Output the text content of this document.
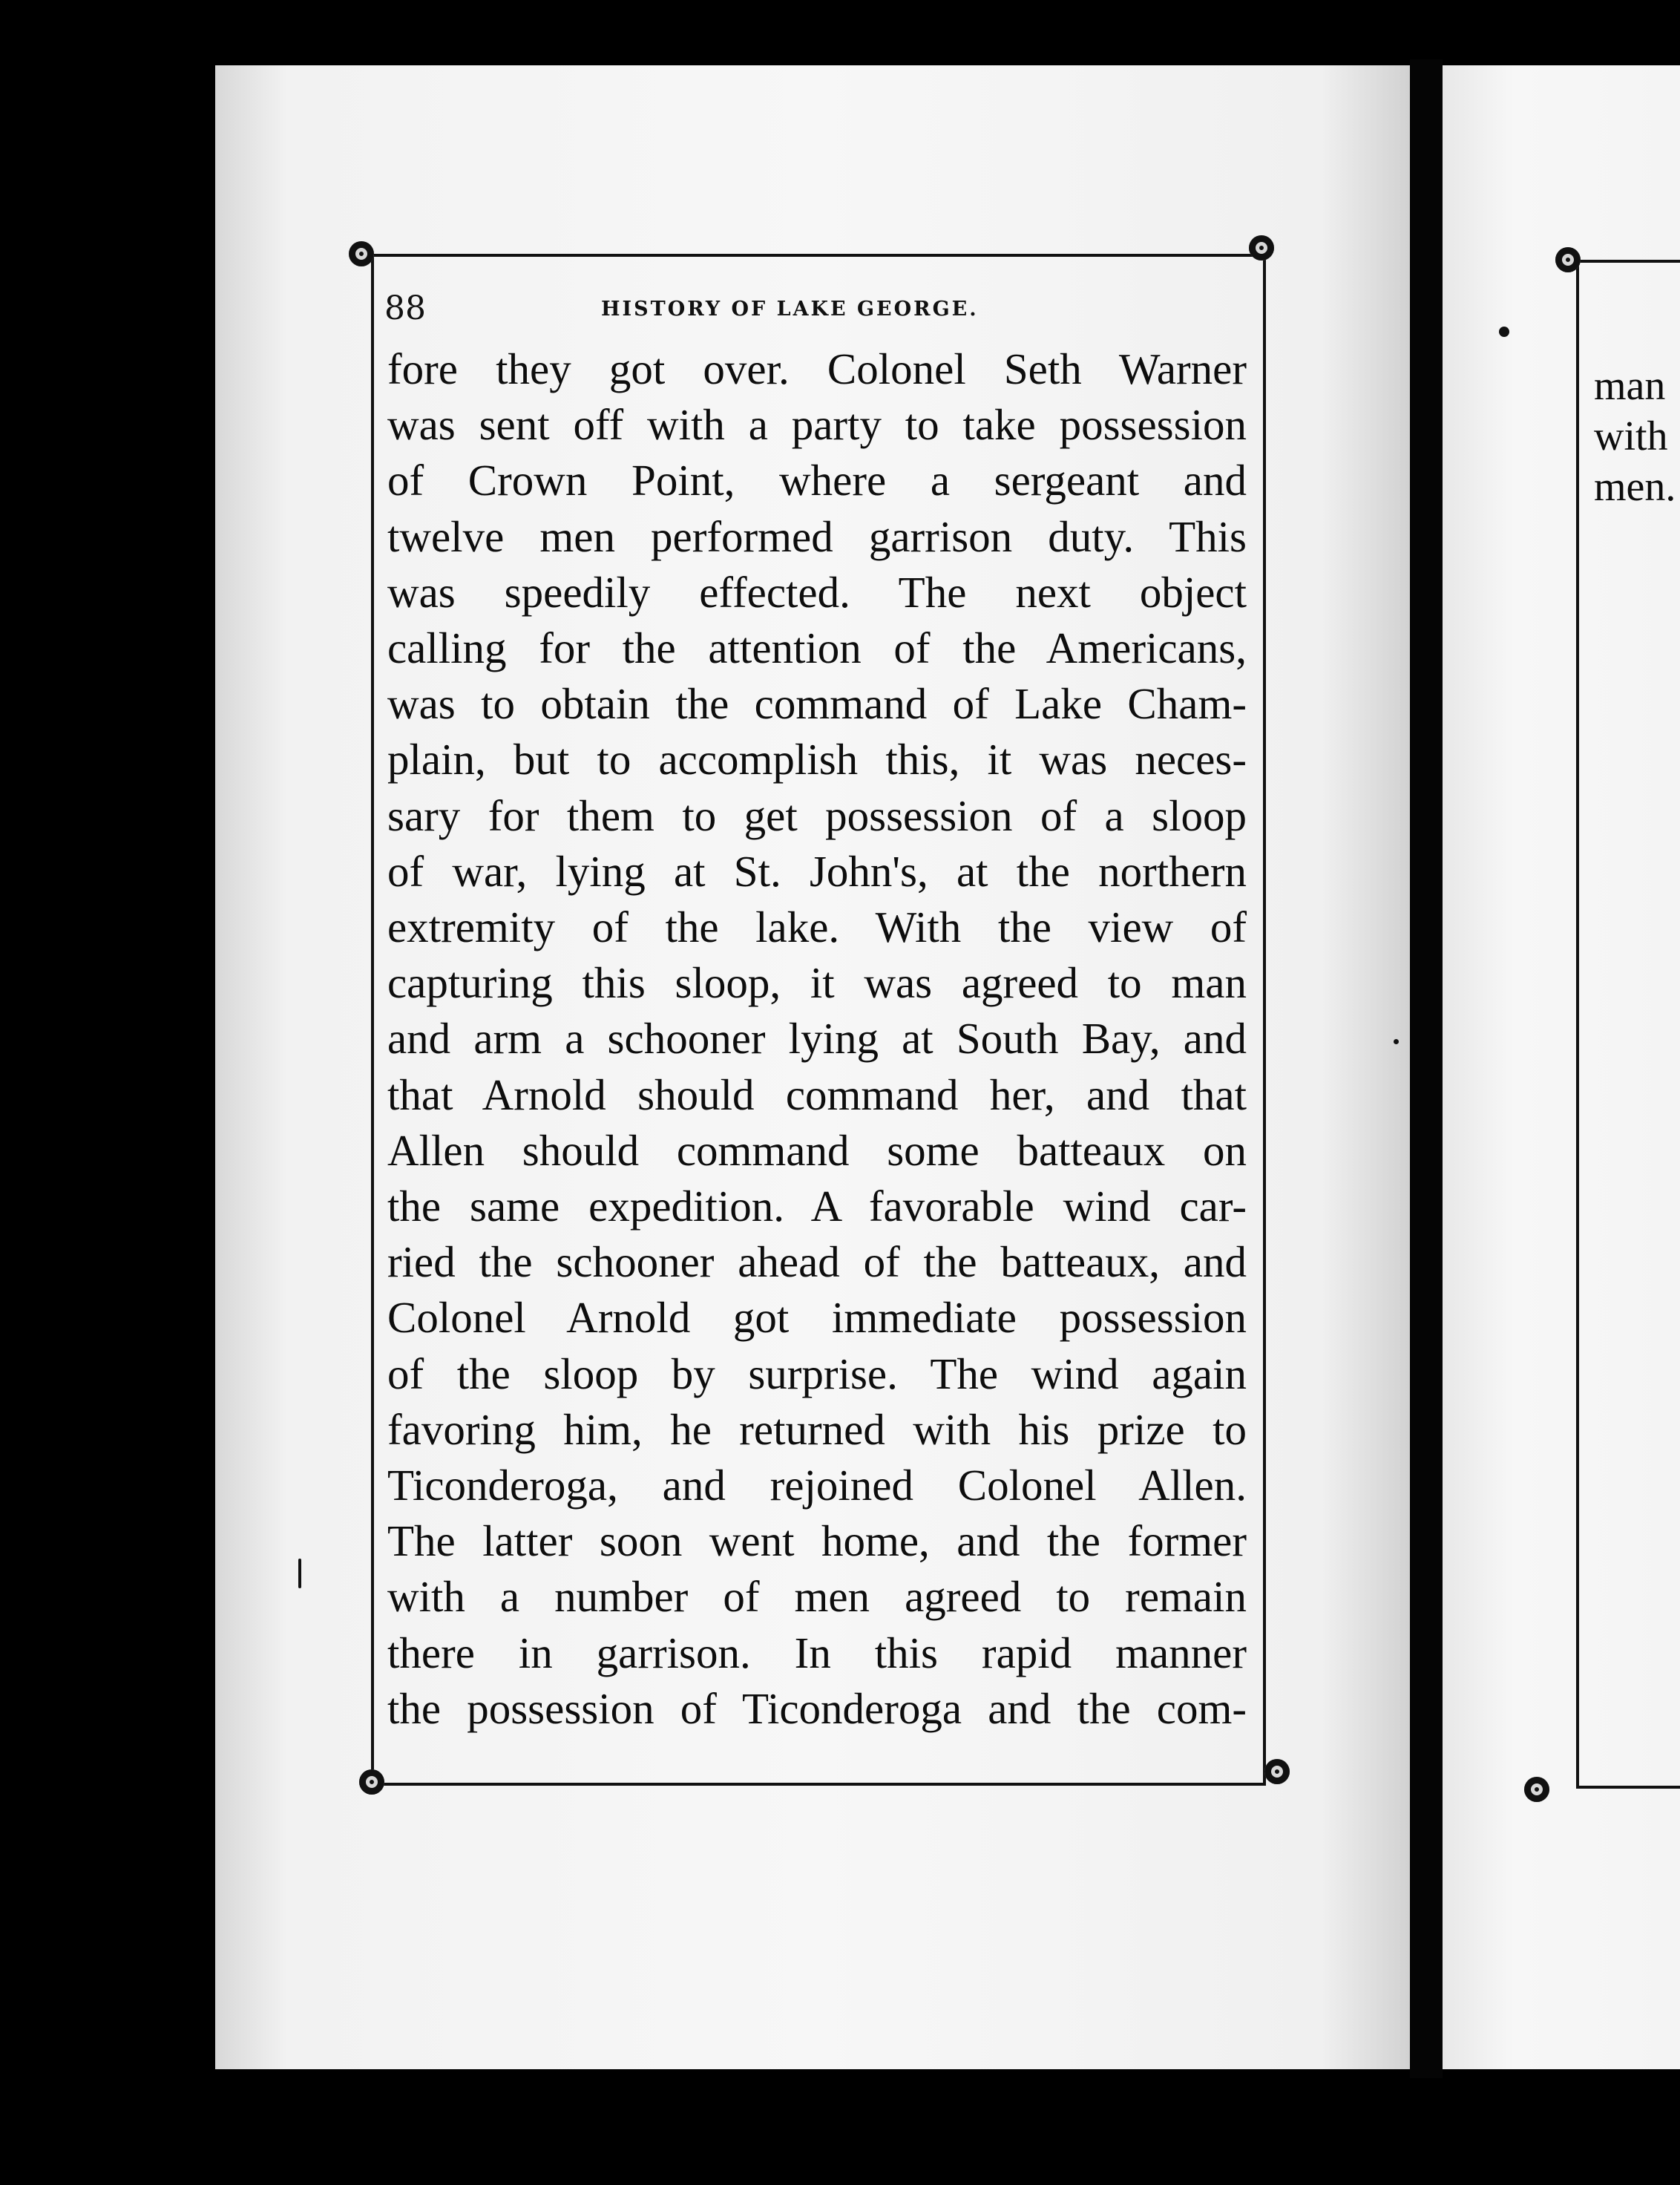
88	HISTORY OF LAKE GEORGE.
fore they got over. Colonel Seth Warner
was sent off with a party to take possession
of Crown Point, where a sergeant and
twelve men performed garrison duty. This
was speedily effected. The next object
calling for the attention of the Americans,
was to obtain the command of Lake Cham-
plain, but to accomplish this, it was neces-
sary for them to get possession of a sloop
of war, lying at St. John's, at the northern
extremity of the lake. With the view of
capturing this sloop, it was agreed to man
and arm a schooner lying at South Bay, and
that Arnold should command her, and that
Allen should command some batteaux on
the same expedition. A favorable wind car-
ried the schooner ahead of the batteaux, and
Colonel Arnold got immediate possession
of the sloop by surprise. The wind again
favoring him, he returned with his prize to
Ticonderoga, and rejoined Colonel Allen.
The latter soon went home, and the former
with a number of men agreed to remain
there in garrison. In this rapid manner
the possession of Ticonderoga and the com-
man
with
men.
